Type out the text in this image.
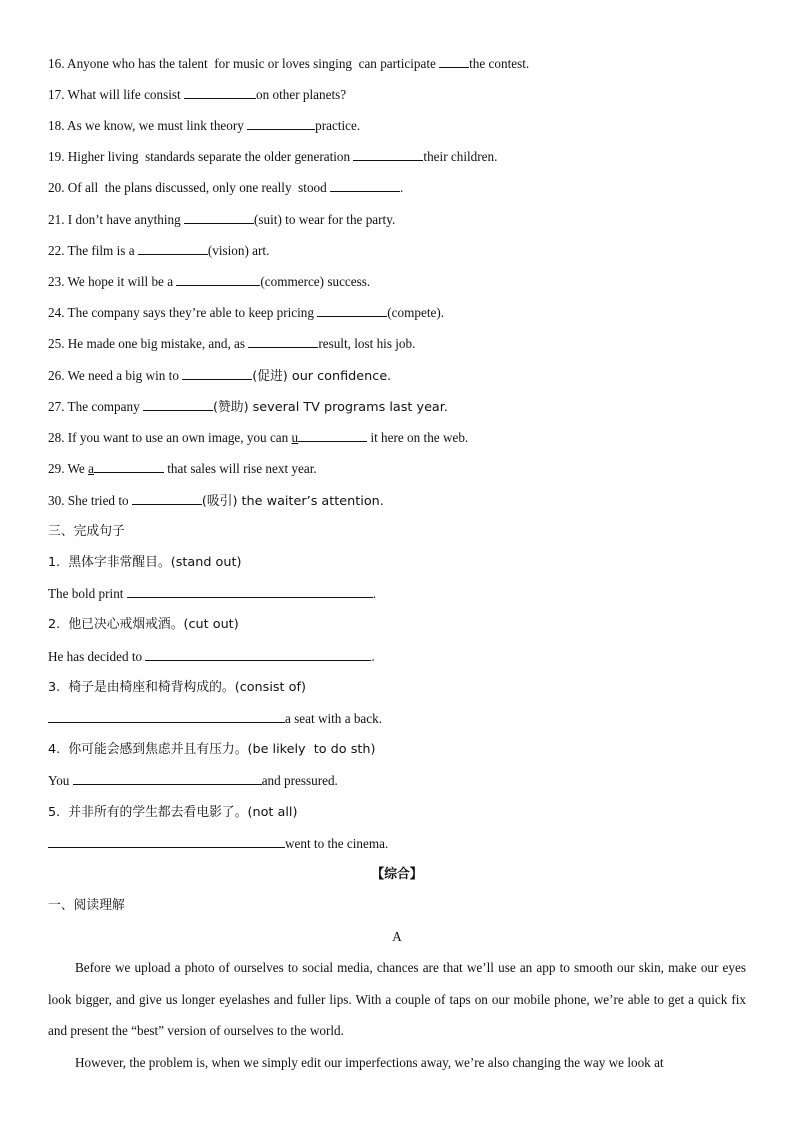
16. Anyone who has the talent  for music or loves singing  can participate the contest.
17. What will life consist	on other planets?
18. As we know, we must link theory	practice.
19. Higher living  standards separate the older generation	their children.
20. Of all  the plans discussed, only one really  stood	.
21. I don’t have anything	(suit) to wear for the party.
22. The film is a	(vision) art.
23. We hope it will be a	(commerce) success.
24. The company says they’re able to keep pricing	(compete).
25. He made one big mistake, and, as	result, lost his job.
26. We need a big win to	(促进) our confidence.
27. The company	(赞助) several TV programs last year.
28. If you want to use an own image, you can u	it here on the web.
29. We a	that sales will rise next year.
30. She tried to	(吸引) the waiter’s attention.
三、完成句子
1.  黑体字非常醒目。(stand out)
The bold print	.
2.  他已决心戒烟戒酒。(cut out)
He has decided to	.
3.  椅子是由椅座和椅背构成的。(consist of)
a seat with a back.
4.  你可能会感到焦虑并且有压力。(be likely  to do sth)
You	and pressured.
5.  并非所有的学生都去看电影了。(not all)
went to the cinema.
【综合】
一、阅读理解
A
Before we upload a photo of ourselves to social media, chances are that we’ll use an app to smooth our skin, make our eyes look bigger, and give us longer eyelashes and fuller lips. With a couple of taps on our mobile phone, we’re able to get a quick fix and present the “best” version of ourselves to the world.
However, the problem is, when we simply edit our imperfections away, we’re also changing the way we look at
